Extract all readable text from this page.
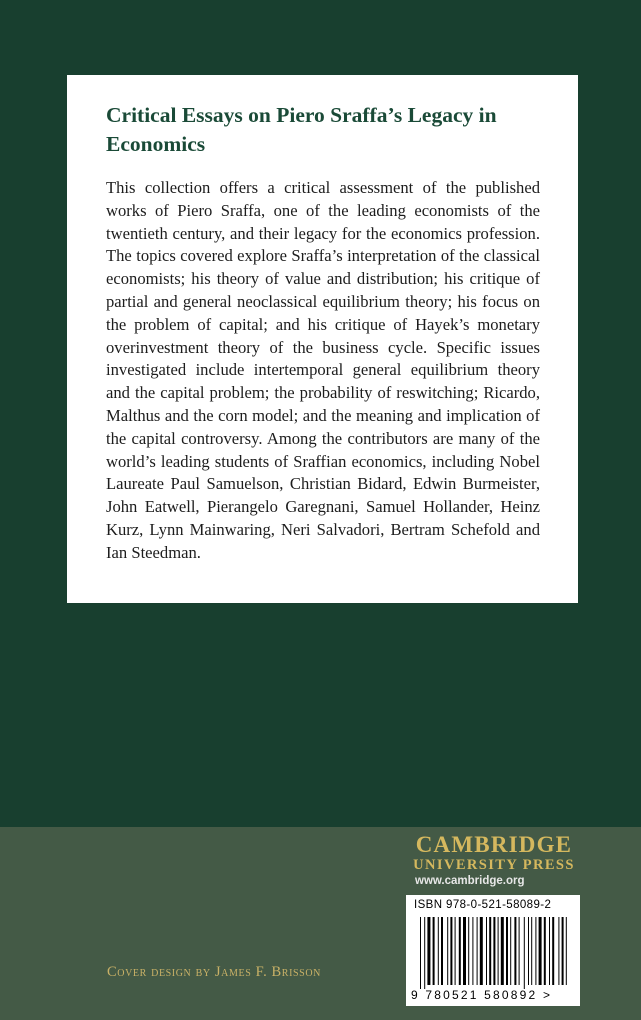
Critical Essays on Piero Sraffa’s Legacy in Economics

This collection offers a critical assessment of the published works of Piero Sraffa, one of the leading economists of the twentieth century, and their legacy for the economics profession. The topics covered explore Sraffa’s interpretation of the classical economists; his theory of value and distribution; his critique of partial and general neoclassical equilibrium theory; his focus on the problem of capital; and his critique of Hayek’s monetary overinvestment theory of the business cycle. Specific issues investigated include intertemporal general equilibrium theory and the capital problem; the probability of reswitching; Ricardo, Malthus and the corn model; and the meaning and implication of the capital controversy. Among the contributors are many of the world’s leading students of Sraffian economics, including Nobel Laureate Paul Samuelson, Christian Bidard, Edwin Burmeister, John Eatwell, Pierangelo Garegnani, Samuel Hollander, Heinz Kurz, Lynn Mainwaring, Neri Salvadori, Bertram Schefold and Ian Steedman.

CAMBRIDGE
UNIVERSITY PRESS
www.cambridge.org
ISBN 978-0-521-58089-2
9 780521 580892 >
Cover design by James F. Brisson
